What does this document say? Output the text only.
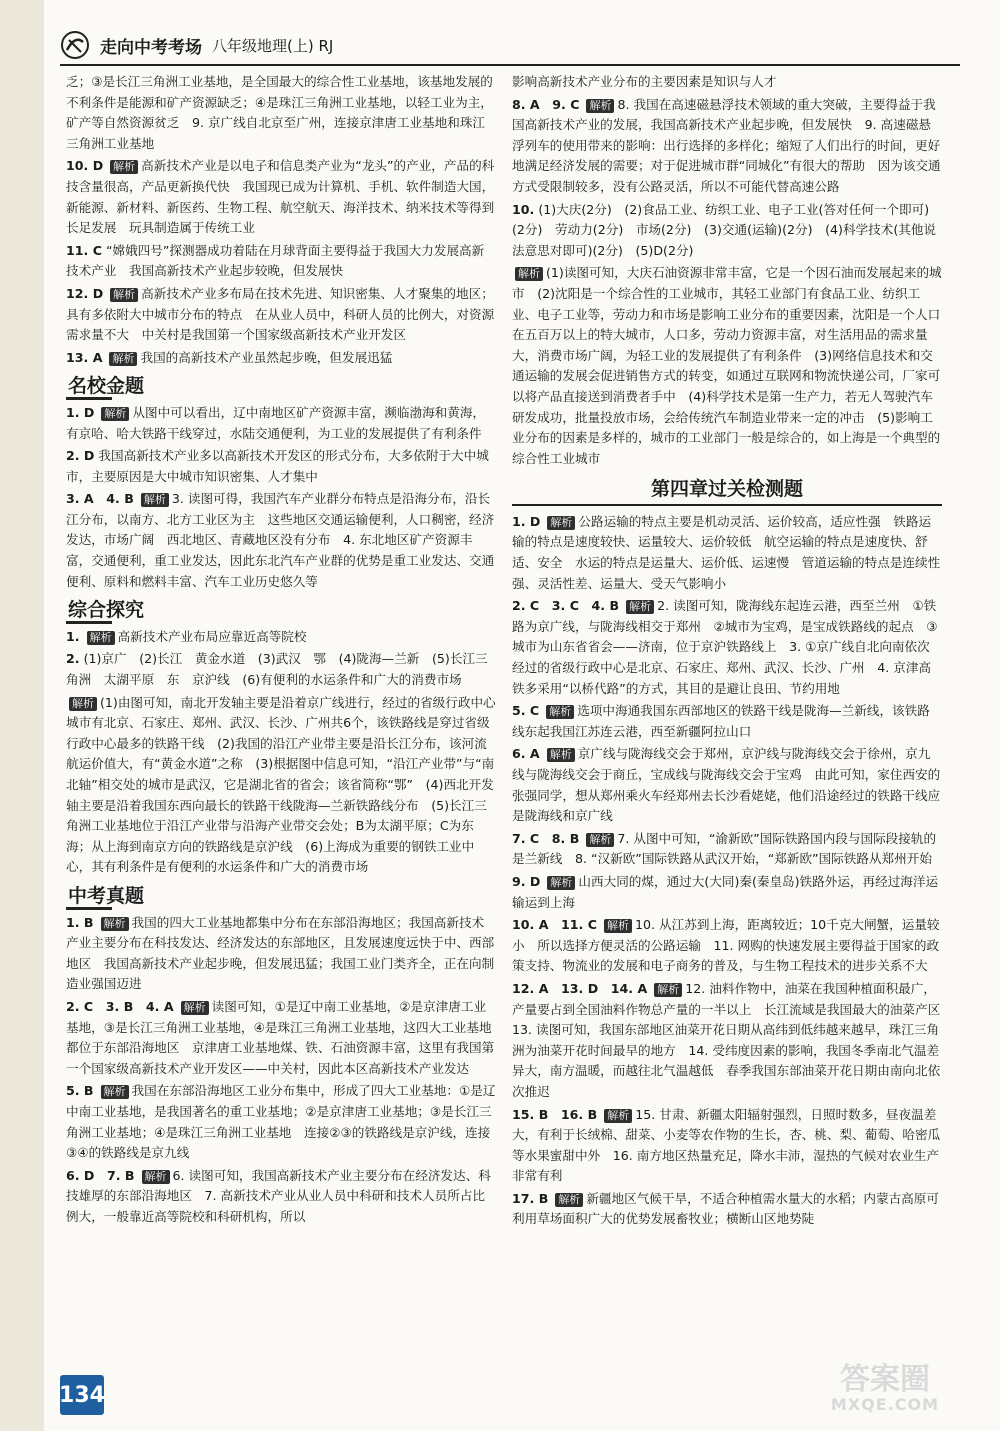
走向中考考场 八年级地理(上) RJ
乏；③是长江三角洲工业基地，是全国最大的综合性工业基地，该基地发展的不利条件是能源和矿产资源缺乏；④是珠江三角洲工业基地，以轻工业为主，矿产等自然资源贫乏　9. 京广线自北京至广州，连接京津唐工业基地和珠江三角洲工业基地
10. D 解析 高新技术产业是以电子和信息类产业为“龙头”的产业，产品的科技含量很高，产品更新换代快　我国现已成为计算机、手机、软件制造大国，新能源、新材料、新医药、生物工程、航空航天、海洋技术、纳米技术等得到长足发展　玩具制造属于传统工业
11. C “嫦娥四号”探测器成功着陆在月球背面主要得益于我国大力发展高新技术产业　我国高新技术产业起步较晚，但发展快
12. D 解析 高新技术产业多布局在技术先进、知识密集、人才聚集的地区；具有多依附大中城市分布的特点　在从业人员中，科研人员的比例大，对资源需求量不大　中关村是我国第一个国家级高新技术产业开发区
13. A 解析 我国的高新技术产业虽然起步晚，但发展迅猛
名校金题
1. D 解析 从图中可以看出，辽中南地区矿产资源丰富，濒临渤海和黄海，有京哈、哈大铁路干线穿过，水陆交通便利，为工业的发展提供了有利条件
2. D 我国高新技术产业多以高新技术开发区的形式分布，大多依附于大中城市，主要原因是大中城市知识密集、人才集中
3. A　4. B 解析 3. 读图可得，我国汽车产业群分布特点是沿海分布，沿长江分布，以南方、北方工业区为主　这些地区交通运输便利，人口稠密，经济发达，市场广阔　西北地区、青藏地区没有分布　4. 东北地区矿产资源丰富，交通便利，重工业发达，因此东北汽车产业群的优势是重工业发达、交通便利、原料和燃料丰富、汽车工业历史悠久等
综合探究
1. 解析 高新技术产业布局应靠近高等院校
2. (1)京广　(2)长江　黄金水道　(3)武汉　鄂　(4)陇海—兰新　(5)长江三角洲　太湖平原　东　京沪线　(6)有便利的水运条件和广大的消费市场
解析 (1)由图可知，南北开发轴主要是沿着京广线进行，经过的省级行政中心城市有北京、石家庄、郑州、武汉、长沙、广州共6个，该铁路线是穿过省级行政中心最多的铁路干线　(2)我国的沿江产业带主要是沿长江分布，该河流航运价值大，有“黄金水道”之称　(3)根据图中信息可知，“沿江产业带”与“南北轴”相交处的城市是武汉，它是湖北省的省会；该省简称“鄂”　(4)西北开发轴主要是沿着我国东西向最长的铁路干线陇海—兰新铁路线分布　(5)长江三角洲工业基地位于沿江产业带与沿海产业带交会处；B为太湖平原；C为东海；从上海到南京方向的铁路线是京沪线　(6)上海成为重要的钢铁工业中心，其有利条件是有便利的水运条件和广大的消费市场
中考真题
1. B 解析 我国的四大工业基地都集中分布在东部沿海地区；我国高新技术产业主要分布在科技发达、经济发达的东部地区，且发展速度远快于中、西部地区　我国高新技术产业起步晚，但发展迅猛；我国工业门类齐全，正在向制造业强国迈进
2. C　3. B　4. A 解析 读图可知，①是辽中南工业基地，②是京津唐工业基地，③是长江三角洲工业基地，④是珠江三角洲工业基地，这四大工业基地都位于东部沿海地区　京津唐工业基地煤、铁、石油资源丰富，这里有我国第一个国家级高新技术产业开发区——中关村，因此本区高新技术产业发达
5. B 解析 我国在东部沿海地区工业分布集中，形成了四大工业基地：①是辽中南工业基地，是我国著名的重工业基地；②是京津唐工业基地；③是长江三角洲工业基地；④是珠江三角洲工业基地　连接②③的铁路线是京沪线，连接③④的铁路线是京九线
6. D　7. B 解析 6. 读图可知，我国高新技术产业主要分布在经济发达、科技雄厚的东部沿海地区　7. 高新技术产业从业人员中科研和技术人员所占比例大，一般靠近高等院校和科研机构，所以
影响高新技术产业分布的主要因素是知识与人才
8. A　9. C 解析 8. 我国在高速磁悬浮技术领域的重大突破，主要得益于我国高新技术产业的发展，我国高新技术产业起步晚，但发展快　9. 高速磁悬浮列车的使用带来的影响：出行选择的多样化；缩短了人们出行的时间，更好地满足经济发展的需要；对于促进城市群“同城化”有很大的帮助　因为该交通方式受限制较多，没有公路灵活，所以不可能代替高速公路
10. (1)大庆(2分)　(2)食品工业、纺织工业、电子工业(答对任何一个即可)(2分)　劳动力(2分)　市场(2分)　(3)交通(运输)(2分)　(4)科学技术(其他说法意思对即可)(2分)　(5)D(2分)
解析 (1)读图可知，大庆石油资源非常丰富，它是一个因石油而发展起来的城市　(2)沈阳是一个综合性的工业城市，其轻工业部门有食品工业、纺织工业、电子工业等，劳动力和市场是影响工业分布的重要因素，沈阳是一个人口在五百万以上的特大城市，人口多，劳动力资源丰富，对生活用品的需求量大，消费市场广阔，为轻工业的发展提供了有利条件　(3)网络信息技术和交通运输的发展会促进销售方式的转变，如通过互联网和物流快递公司，厂家可以将产品直接送到消费者手中　(4)科学技术是第一生产力，若无人驾驶汽车研发成功，批量投放市场，会给传统汽车制造业带来一定的冲击　(5)影响工业分布的因素是多样的，城市的工业部门一般是综合的，如上海是一个典型的综合性工业城市
第四章过关检测题
1. D 解析 公路运输的特点主要是机动灵活、运价较高，适应性强　铁路运输的特点是速度较快、运量较大、运价较低　航空运输的特点是速度快、舒适、安全　水运的特点是运量大、运价低、运速慢　管道运输的特点是连续性强、灵活性差、运量大、受天气影响小
2. C　3. C　4. B 解析 2. 读图可知，陇海线东起连云港，西至兰州　①铁路为京广线，与陇海线相交于郑州　②城市为宝鸡，是宝成铁路线的起点　③城市为山东省省会——济南，位于京沪铁路线上　3. ①京广线自北向南依次经过的省级行政中心是北京、石家庄、郑州、武汉、长沙、广州　4. 京津高铁多采用“以桥代路”的方式，其目的是避让良田、节约用地
5. C 解析 选项中海通我国东西部地区的铁路干线是陇海—兰新线，该铁路线东起我国江苏连云港，西至新疆阿拉山口
6. A 解析 京广线与陇海线交会于郑州，京沪线与陇海线交会于徐州，京九线与陇海线交会于商丘，宝成线与陇海线交会于宝鸡　由此可知，家住西安的张强同学，想从郑州乘火车经郑州去长沙看姥姥，他们沿途经过的铁路干线应是陇海线和京广线
7. C　8. B 解析 7. 从图中可知，“渝新欧”国际铁路国内段与国际段接轨的是兰新线　8. “汉新欧”国际铁路从武汉开始，“郑新欧”国际铁路从郑州开始
9. D 解析 山西大同的煤，通过大(大同)秦(秦皇岛)铁路外运，再经过海洋运输运到上海
10. A　11. C 解析 10. 从江苏到上海，距离较近；10千克大闸蟹，运量较小　所以选择方便灵活的公路运输　11. 网购的快速发展主要得益于国家的政策支持、物流业的发展和电子商务的普及，与生物工程技术的进步关系不大
12. A　13. D　14. A 解析 12. 油料作物中，油菜在我国种植面积最广，产量要占到全国油料作物总产量的一半以上　长江流域是我国最大的油菜产区　13. 读图可知，我国东部地区油菜开花日期从高纬到低纬越来越早，珠江三角洲为油菜开花时间最早的地方　14. 受纬度因素的影响，我国冬季南北气温差异大，南方温暖，而越往北气温越低　春季我国东部油菜开花日期由南向北依次推迟
15. B　16. B 解析 15. 甘肃、新疆太阳辐射强烈，日照时数多，昼夜温差大，有利于长绒棉、甜菜、小麦等农作物的生长，杏、桃、梨、葡萄、哈密瓜等水果蜜甜中外　16. 南方地区热量充足，降水丰沛，湿热的气候对农业生产非常有利
17. B 解析 新疆地区气候干旱，不适合种植需水量大的水稻；内蒙古高原可利用草场面积广大的优势发展畜牧业；横断山区地势陡
134	答案圈
MXQE.COM
